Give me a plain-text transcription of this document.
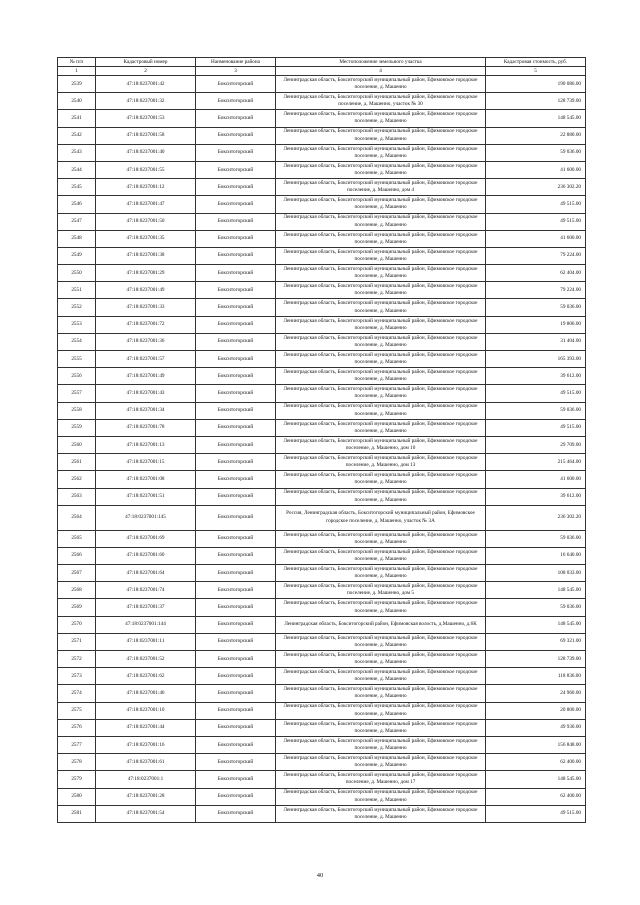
№ п/п	Кадастровый номер	Наименование района	Местоположение земельного участка	Кадастровая стоимость, руб.
1	2	3	4	5
2539	47:18:0237001:42	Бокситогорский	Ленинградская область, Бокситогорский муниципальный район, Ефимовское городское поселение, д. Машенно	190 086.00
2540	47:18:0237001:32	Бокситогорский	Ленинградская область, Бокситогорский муниципальный район, Ефимовское городское поселение, д. Машенно, участок № 30	128 739.00
2541	47:18:0237001:53	Бокситогорский	Ленинградская область, Бокситогорский муниципальный район, Ефимовское городское поселение, д. Машенно	148 545.00
2542	47:18:0237001:58	Бокситогорский	Ленинградская область, Бокситогорский муниципальный район, Ефимовское городское поселение, д. Машенно	22 880.00
2543	47:18:0237001:40	Бокситогорский	Ленинградская область, Бокситогорский муниципальный район, Ефимовское городское поселение, д. Машенно	59 036.00
2544	47:18:0237001:55	Бокситогорский	Ленинградская область, Бокситогорский муниципальный район, Ефимовское городское поселение, д. Машенно	41 600.00
2545	47:18:0237001:12	Бокситогорский	Ленинградская область, Бокситогорский муниципальный район, Ефимовское городское поселение, д. Машенно, дом 4	236 302.20
2546	47:18:0237001:47	Бокситогорский	Ленинградская область, Бокситогорский муниципальный район, Ефимовское городское поселение, д. Машенно	49 515.00
2547	47:18:0237001:50	Бокситогорский	Ленинградская область, Бокситогорский муниципальный район, Ефимовское городское поселение, д. Машенно	49 515.00
2548	47:18:0237001:35	Бокситогорский	Ленинградская область, Бокситогорский муниципальный район, Ефимовское городское поселение, д. Машенно	41 600.00
2549	47:18:0237001:38	Бокситогорский	Ленинградская область, Бокситогорский муниципальный район, Ефимовское городское поселение, д. Машенно	79 224.00
2550	47:18:0237001:29	Бокситогорский	Ленинградская область, Бокситогорский муниципальный район, Ефимовское городское поселение, д. Машенно	62 404.00
2551	47:18:0237001:49	Бокситогорский	Ленинградская область, Бокситогорский муниципальный район, Ефимовское городское поселение, д. Машенно	79 224.00
2552	47:18:0237001:33	Бокситогорский	Ленинградская область, Бокситогорский муниципальный район, Ефимовское городское поселение, д. Машенно	59 036.00
2553	47:18:0237001:72	Бокситогорский	Ленинградская область, Бокситогорский муниципальный район, Ефимовское городское поселение, д. Машенно	19 806.00
2554	47:18:0237001:36	Бокситогорский	Ленинградская область, Бокситогорский муниципальный район, Ефимовское городское поселение, д. Машенно	31 404.00
2555	47:18:0237001:57	Бокситогорский	Ленинградская область, Бокситогорский муниципальный район, Ефимовское городское поселение, д. Машенно	165 393.00
2556	47:18:0237001:49	Бокситогорский	Ленинградская область, Бокситогорский муниципальный район, Ефимовское городское поселение, д. Машенно	39 612.00
2557	47:18:0237001:43	Бокситогорский	Ленинградская область, Бокситогорский муниципальный район, Ефимовское городское поселение, д. Машенно	49 515.00
2558	47:18:0237001:34	Бокситогорский	Ленинградская область, Бокситогорский муниципальный район, Ефимовское городское поселение, д. Машенно	59 036.00
2559	47:18:0237001:78	Бокситогорский	Ленинградская область, Бокситогорский муниципальный район, Ефимовское городское поселение, д. Машенно	49 515.00
2560	47:18:0237001:13	Бокситогорский	Ленинградская область, Бокситогорский муниципальный район, Ефимовское городское поселение, д. Машенно, дом 10	29 709.00
2561	47:18:0237001:15	Бокситогорский	Ленинградская область, Бокситогорский муниципальный район, Ефимовское городское поселение, д. Машенно, дом 13	215 464.00
2562	47:18:0237001:08	Бокситогорский	Ленинградская область, Бокситогорский муниципальный район, Ефимовское городское поселение, д. Машенно	41 600.00
2563	47:18:0237001:51	Бокситогорский	Ленинградская область, Бокситогорский муниципальный район, Ефимовское городское поселение, д. Машенно	39 612.00
2564	47:18:0237001:145	Бокситогорский	Россия, Ленинградская область, Бокситогорский муниципальный район, Ефимовское городское поселение, д. Машенно, участок № 3А	236 302.20
2565	47:18:0237001:69	Бокситогорский	Ленинградская область, Бокситогорский муниципальный район, Ефимовское городское поселение, д. Машенно	59 036.00
2566	47:18:0237001:60	Бокситогорский	Ленинградская область, Бокситогорский муниципальный район, Ефимовское городское поселение, д. Машенно	16 640.00
2567	47:18:0237001:64	Бокситогорский	Ленинградская область, Бокситогорский муниципальный район, Ефимовское городское поселение, д. Машенно	108 033.00
2568	47:18:0237001:74	Бокситогорский	Ленинградская область, Бокситогорский муниципальный район, Ефимовское городское поселение, д. Машенно, дом 5	148 545.00
2569	47:18:0237001:37	Бокситогорский	Ленинградская область, Бокситогорский муниципальный район, Ефимовское городское поселение, д. Машенно	59 036.00
2570	47:18:0237001:144	Бокситогорский	Ленинградская область, Бокситогорский район, Ефимовская волость, д.Машенно, д.6К	148 545.00
2571	47:18:0237001:11	Бокситогорский	Ленинградская область, Бокситогорский муниципальный район, Ефимовское городское поселение, д. Машенно	69 321.00
2572	47:18:0237001:52	Бокситогорский	Ленинградская область, Бокситогорский муниципальный район, Ефимовское городское поселение, д. Машенно	128 739.00
2573	47:18:0237001:62	Бокситогорский	Ленинградская область, Бокситогорский муниципальный район, Ефимовское городское поселение, д. Машенно	118 836.00
2574	47:18:0237001:46	Бокситогорский	Ленинградская область, Бокситогорский муниципальный район, Ефимовское городское поселение, д. Машенно	24 960.00
2575	47:18:0237001:10	Бокситогорский	Ленинградская область, Бокситогорский муниципальный район, Ефимовское городское поселение, д. Машенно	20 800.00
2576	47:18:0237001:44	Бокситогорский	Ленинградская область, Бокситогорский муниципальный район, Ефимовское городское поселение, д. Машенно	49 930.00
2577	47:18:0237001:16	Бокситогорский	Ленинградская область, Бокситогорский муниципальный район, Ефимовское городское поселение, д. Машенно	156 848.00
2578	47:18:0237001:61	Бокситогорский	Ленинградская область, Бокситогорский муниципальный район, Ефимовское городское поселение, д. Машенно	62 400.00
2579	47:18:0237001:1	Бокситогорский	Ленинградская область, Бокситогорский муниципальный район, Ефимовское городское поселение, д. Машенно, дом 17	148 545.00
2580	47:18:0237001:28	Бокситогорский	Ленинградская область, Бокситогорский муниципальный район, Ефимовское городское поселение, д. Машенно	62 400.00
2581	47:18:0237001:54	Бокситогорский	Ленинградская область, Бокситогорский муниципальный район, Ефимовское городское поселение, д. Машенно	49 515.00
40
